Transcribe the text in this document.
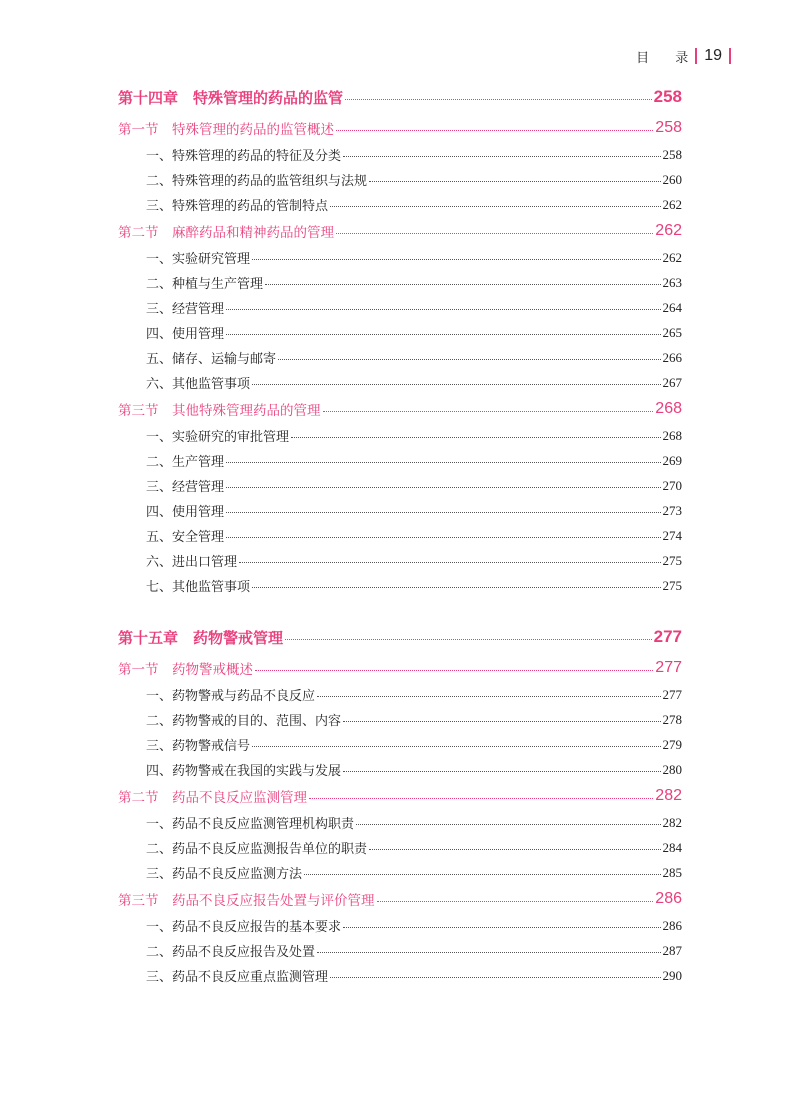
目 录 19
第十四章　特殊管理的药品的监管	258
第一节　特殊管理的药品的监管概述	258
一、特殊管理的药品的特征及分类	258
二、特殊管理的药品的监管组织与法规	260
三、特殊管理的药品的管制特点	262
第二节　麻醉药品和精神药品的管理	262
一、实验研究管理	262
二、种植与生产管理	263
三、经营管理	264
四、使用管理	265
五、储存、运输与邮寄	266
六、其他监管事项	267
第三节　其他特殊管理药品的管理	268
一、实验研究的审批管理	268
二、生产管理	269
三、经营管理	270
四、使用管理	273
五、安全管理	274
六、进出口管理	275
七、其他监管事项	275
第十五章　药物警戒管理	277
第一节　药物警戒概述	277
一、药物警戒与药品不良反应	277
二、药物警戒的目的、范围、内容	278
三、药物警戒信号	279
四、药物警戒在我国的实践与发展	280
第二节　药品不良反应监测管理	282
一、药品不良反应监测管理机构职责	282
二、药品不良反应监测报告单位的职责	284
三、药品不良反应监测方法	285
第三节　药品不良反应报告处置与评价管理	286
一、药品不良反应报告的基本要求	286
二、药品不良反应报告及处置	287
三、药品不良反应重点监测管理	290
